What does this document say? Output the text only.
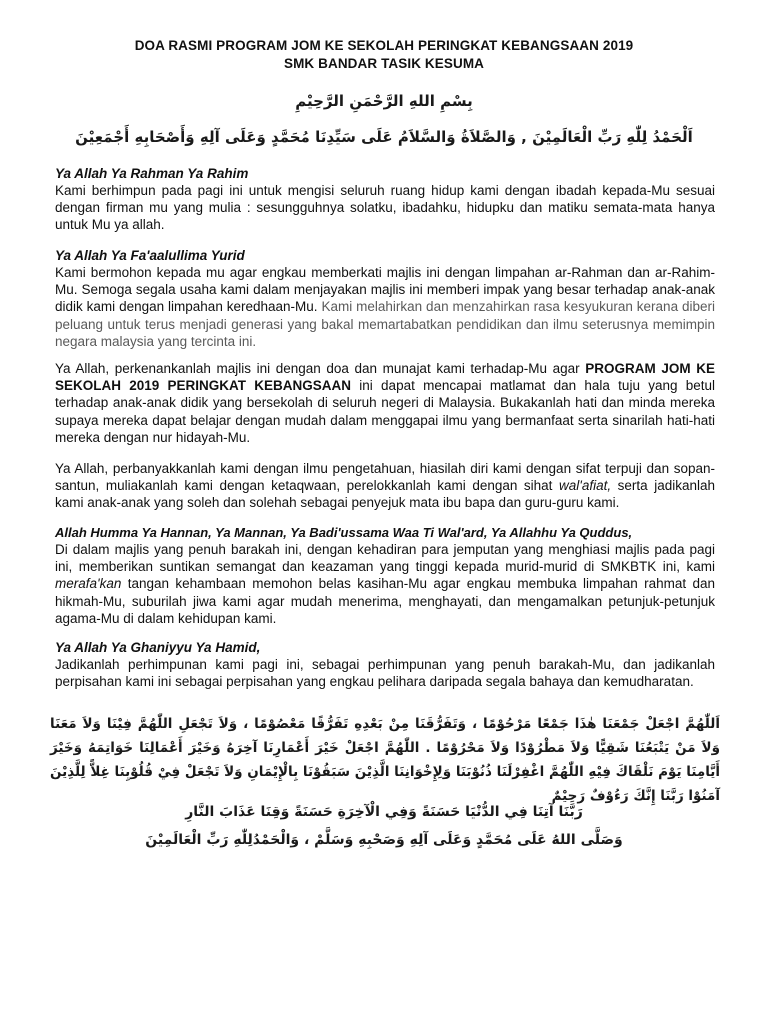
DOA RASMI PROGRAM JOM KE SEKOLAH PERINGKAT KEBANGSAAN 2019
SMK BANDAR TASIK KESUMA
بِسْمِ اللهِ الرَّحْمَنِ الرَّحِيْمِ
اَلْحَمْدُ لِلّٰهِ رَبِّ الْعَالَمِيْنَ , وَالصَّلاَةُ وَالسَّلاَمُ عَلَى سَيِّدِنَا مُحَمَّدٍ وَعَلَى آلِهِ وَأَصْحَابِهِ أَجْمَعِيْنَ
Ya Allah Ya Rahman Ya Rahim
Kami berhimpun pada pagi ini untuk mengisi seluruh ruang hidup kami dengan ibadah kepada-Mu sesuai dengan firman mu yang mulia : sesungguhnya solatku, ibadahku, hidupku dan matiku semata-mata hanya untuk Mu ya allah.
Ya Allah Ya Fa'aalullima Yurid
Kami bermohon kepada mu agar engkau memberkati majlis ini dengan limpahan ar-Rahman dan ar-Rahim-Mu. Semoga segala usaha kami dalam menjayakan majlis ini memberi impak yang besar terhadap anak-anak didik kami dengan limpahan keredhaan-Mu. Kami melahirkan dan menzahirkan rasa kesyukuran kerana diberi peluang untuk terus menjadi generasi yang bakal memartabatkan pendidikan dan ilmu seterusnya memimpin negara malaysia yang tercinta ini.
Ya Allah, perkenankanlah majlis ini dengan doa dan munajat kami terhadap-Mu agar PROGRAM JOM KE SEKOLAH 2019 PERINGKAT KEBANGSAAN ini dapat mencapai matlamat dan hala tuju yang betul terhadap anak-anak didik yang bersekolah di seluruh negeri di Malaysia. Bukakanlah hati dan minda mereka supaya mereka dapat belajar dengan mudah dalam menggapai ilmu yang bermanfaat serta sinarilah hati-hati mereka dengan nur hidayah-Mu.
Ya Allah, perbanyakkanlah kami dengan ilmu pengetahuan, hiasilah diri kami dengan sifat terpuji dan sopan-santun, muliakanlah kami dengan ketaqwaan, perelokkanlah kami dengan sihat wal'afiat, serta jadikanlah kami anak-anak yang soleh dan solehah sebagai penyejuk mata ibu bapa dan guru-guru kami.
Allah Humma Ya Hannan, Ya Mannan, Ya Badi'ussama Waa Ti Wal'ard, Ya Allahhu Ya Quddus,
Di dalam majlis yang penuh barakah ini, dengan kehadiran para jemputan yang menghiasi majlis pada pagi ini, memberikan suntikan semangat dan keazaman yang tinggi kepada murid-murid di SMKBTK ini, kami merafa'kan tangan kehambaan memohon belas kasihan-Mu agar engkau membuka limpahan rahmat dan hikmah-Mu, suburilah jiwa kami agar mudah menerima, menghayati, dan mengamalkan petunjuk-petunjuk agama-Mu di dalam kehidupan kami.
Ya Allah Ya Ghaniyyu Ya Hamid,
Jadikanlah perhimpunan kami pagi ini, sebagai perhimpunan yang penuh barakah-Mu, dan jadikanlah perpisahan kami ini sebagai perpisahan yang engkau pelihara daripada segala bahaya dan kemudharatan.
اَللّٰهُمَّ اجْعَلْ جَمْعَنَا هٰذَا جَمْعًا مَرْحُوْمًا ، وَتَفَرُّقَنَا مِنْ بَعْدِهِ تَفَرُّقًا مَعْصُوْمًا ، وَلاَ تَجْعَلِ اللّٰهُمَّ فِيْنَا وَلاَ مَعَنَا وَلاَ مَنْ يَتْبَعُنَا شَقِيًّا وَلاَ مَطْرُوْدًا وَلاَ مَحْرُوْمًا . اللّٰهُمَّ اجْعَلْ خَيْرَ أَعْمَارِنَا آخِرَهُ وَخَيْرَ أَعْمَالِنَا خَوَاتِمَهُ وَخَيْرَ أَيَّامِنَا يَوْمَ نَلْقَاكَ فِيْهِ اللّٰهُمَّ اغْفِرْلَنَا ذُنُوْبَنَا وَلِإِخْوَانِنَا الَّذِيْنَ سَبَقُوْنَا بِالْإِيْمَانِ وَلاَ تَجْعَلْ فِيْ قُلُوْبِنَا غِلاًّ لِلَّذِيْنَ آمَنُوْا رَبَّنَا إِنَّكَ رَءُوْفٌ رَحِيْمٌ
رَبَّنَا آتِنَا فِي الدُّنْيَا حَسَنَةً وَفِي الْآخِرَةِ حَسَنَةً وَقِنَا عَذَابَ النَّارِ
وَصَلَّى اللهُ عَلَى مُحَمَّدٍ وَعَلَى آلِهِ وَصَحْبِهِ وَسَلَّمْ ، وَالْحَمْدُلِلّٰهِ رَبِّ الْعَالَمِيْنَ
